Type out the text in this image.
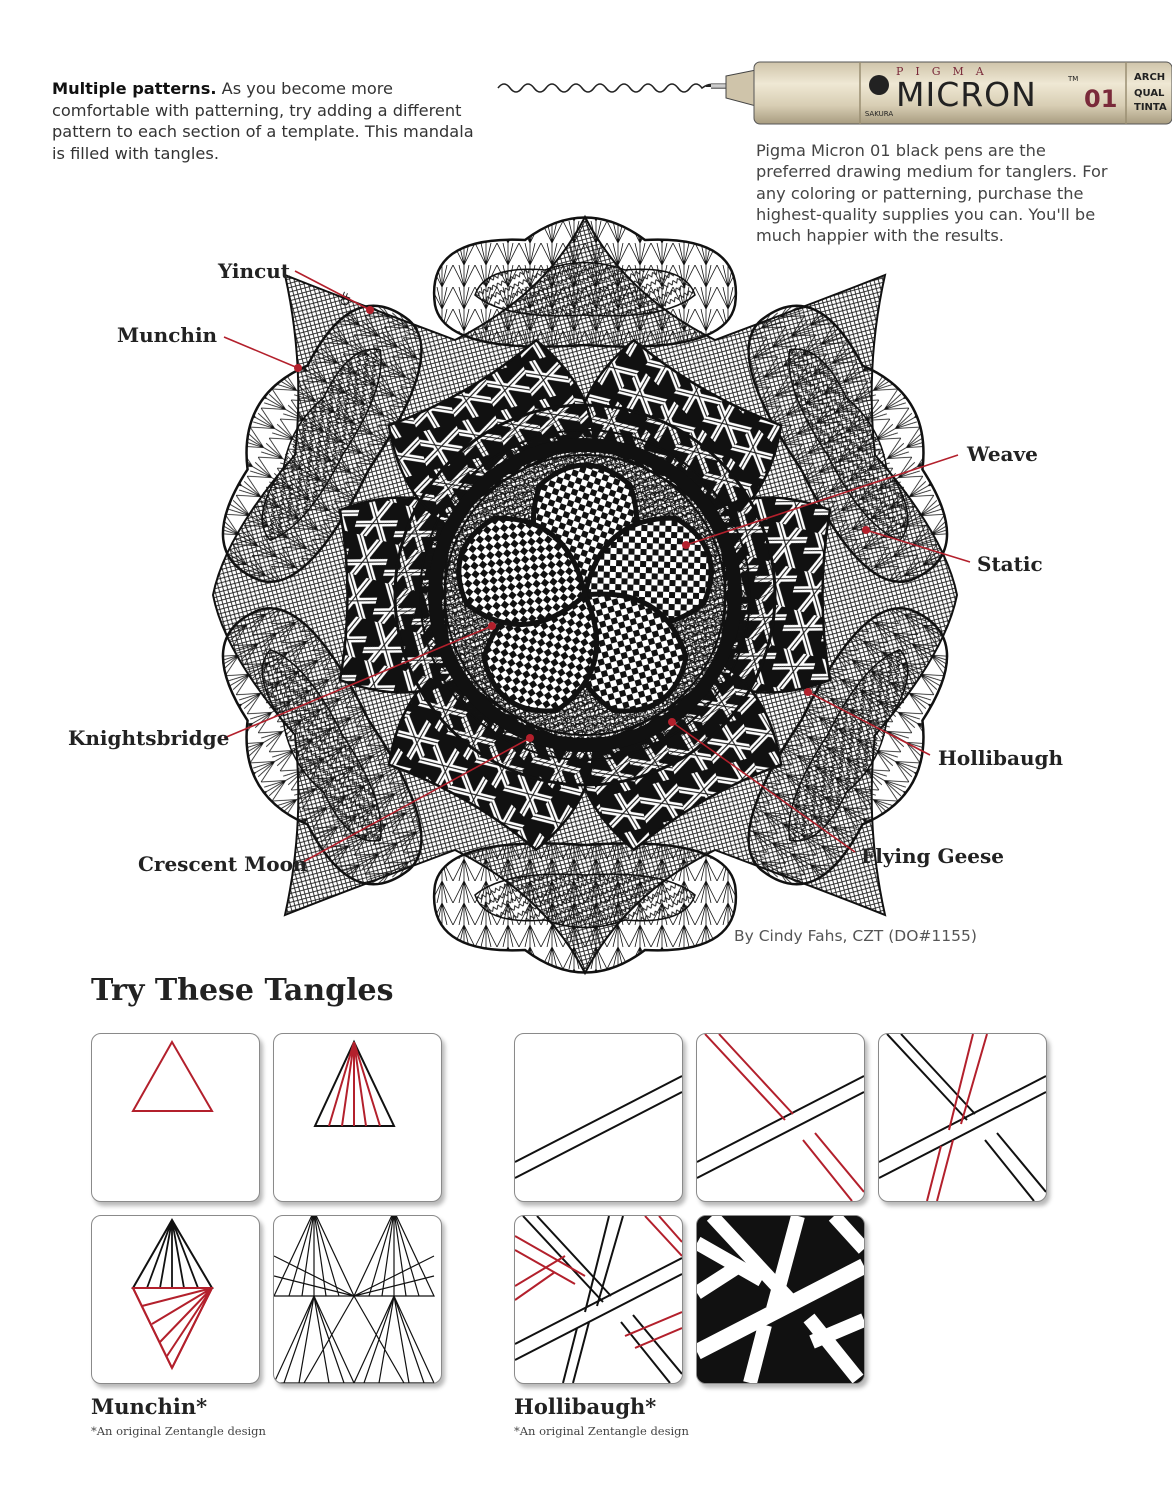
Multiple patterns. As you become more comfortable with patterning, try adding a different pattern to each section of a template. This mandala is filled with tangles.

SAKURA
PIGMA
MICRON	TM
01
ARCH
QUAL
TINTA

Pigma Micron 01 black pens are the preferred drawing medium for tanglers. For any coloring or patterning, purchase the highest-quality supplies you can. You'll be much happier with the results.

CF
Yincut
Munchin
Weave
Static
Knightsbridge
Hollibaugh
Crescent Moon	Flying Geese
By Cindy Fahs, CZT (DO#1155)
Try These Tangles
Munchin*
*An original Zentangle design
Hollibaugh*
*An original Zentangle design
